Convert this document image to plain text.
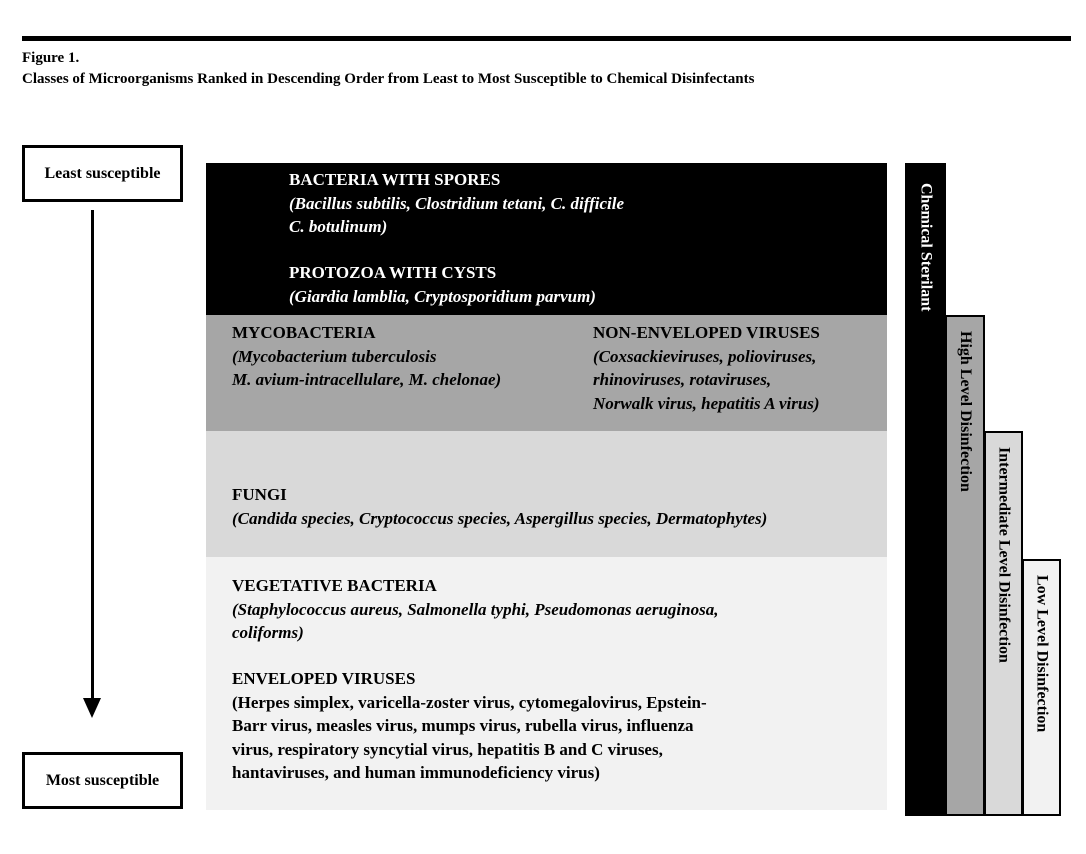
Figure 1.
Classes of Microorganisms Ranked in Descending Order from Least to Most Susceptible to Chemical Disinfectants
Least susceptible
Most susceptible
BACTERIA WITH SPORES
(Bacillus subtilis, Clostridium tetani, C. difficile
C. botulinum)
PROTOZOA WITH CYSTS
(Giardia lamblia, Cryptosporidium parvum)
MYCOBACTERIA
(Mycobacterium tuberculosis
M. avium-intracellulare, M. chelonae)
NON-ENVELOPED VIRUSES
(Coxsackieviruses, polioviruses,
rhinoviruses, rotaviruses,
Norwalk virus, hepatitis A virus)
FUNGI
(Candida species, Cryptococcus species, Aspergillus species, Dermatophytes)
VEGETATIVE BACTERIA
(Staphylococcus aureus, Salmonella typhi, Pseudomonas aeruginosa,
coliforms)
ENVELOPED VIRUSES
(Herpes simplex, varicella-zoster virus, cytomegalovirus, Epstein-
Barr virus, measles virus, mumps virus, rubella virus, influenza
virus, respiratory syncytial virus, hepatitis B and C viruses,
hantaviruses, and human immunodeficiency virus)
Chemical Sterilant
High Level Disinfection
Intermediate Level Disinfection Low Level Disinfection
